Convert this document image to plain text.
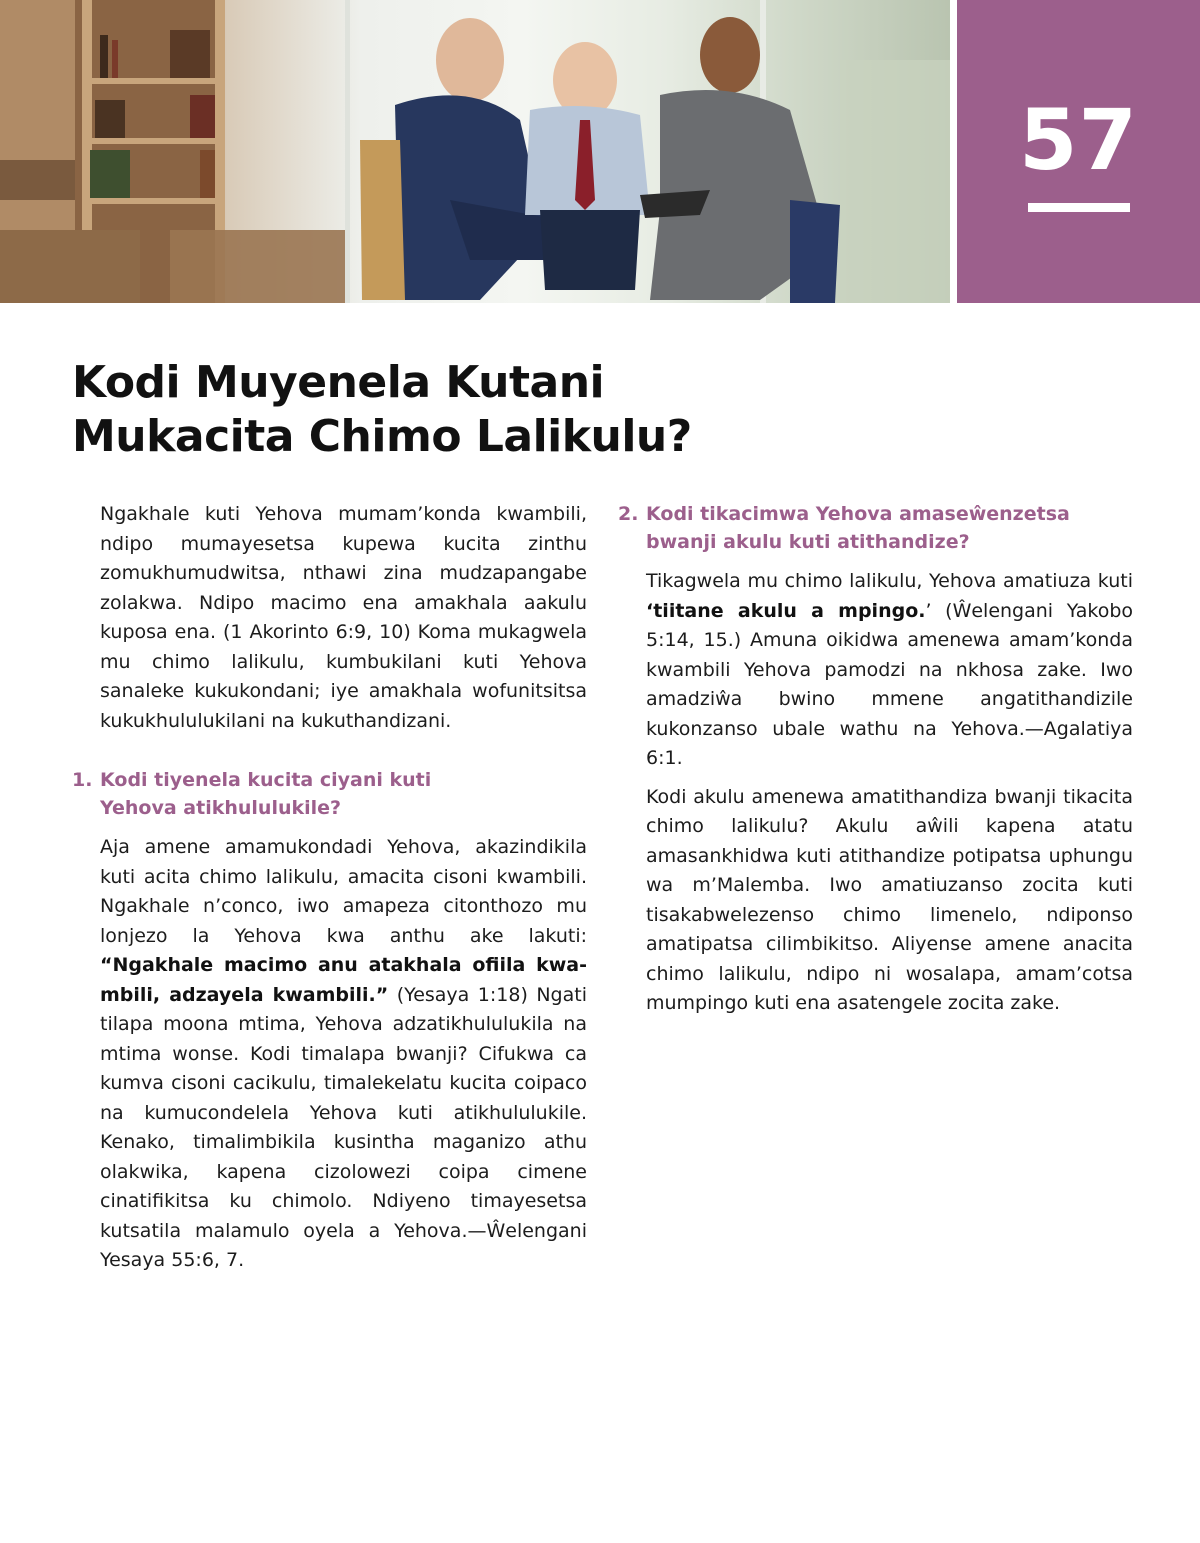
57
Kodi Muyenela Kutani
Mukacita Chimo Lalikulu?

Ngakhale kuti Yehova mumam’konda kwambili, ndipo mumayesetsa kupewa kucita zinthu zomukhumudwitsa, nthawi zina mudzapangabe zolakwa. Ndipo macimo ena amakhala aakulu kuposa ena. (1 Akorinto 6:9, 10) Koma mukagwela mu chimo lalikulu, kumbukilani kuti Yehova sanaleke kukukondani; iye amakhala wofunitsitsa kukukhululukilani na kukuthandizani.

1. Kodi tiyenela kucita ciyani kuti
Yehova atikhululukile?

Aja amene amamukondadi Yehova, akazindikila kuti acita chimo lalikulu, amacita cisoni kwambili. Ngakhale n’conco, iwo amapeza citonthozo mu lonjezo la Yehova kwa anthu ake lakuti: “Ngakhale macimo anu atakhala ofiila kwambili, adzayela kwambili.” (Yesaya 1:18) Ngati tilapa moona mtima, Yehova adzatikhululukila na mtima wonse. Kodi timalapa bwanji? Cifukwa ca kumva cisoni cacikulu, timalekelatu kucita coipaco na kumucondelela Yehova kuti atikhululukile. Kenako, timalimbikila kusintha maganizo athu olakwika, kapena cizolowezi coipa cimene cinatifikitsa ku chimolo. Ndiyeno timayesetsa kutsatila malamulo oyela a Yehova.—Ŵelengani Yesaya 55:6, 7.

2. Kodi tikacimwa Yehova amaseŵenzetsa
bwanji akulu kuti atithandize?

Tikagwela mu chimo lalikulu, Yehova amatiuza kuti ‘tiitane akulu a mpingo.’ (Ŵelengani Yakobo 5:14, 15.) Amuna oikidwa amenewa amam’konda kwambili Yehova pamodzi na nkhosa zake. Iwo amadziŵa bwino mmene angatithandizile kukonzanso ubale wathu na Yehova.—Agalatiya 6:1.

Kodi akulu amenewa amatithandiza bwanji tikacita chimo lalikulu? Akulu aŵili kapena atatu amasankhidwa kuti atithandize potipatsa uphungu wa m’Malemba. Iwo amatiuzanso zocita kuti tisakabwelezenso chimo limenelo, ndiponso amatipatsa cilimbikitso. Aliyense amene anacita chimo lalikulu, ndipo ni wosalapa, amam’cotsa mumpingo kuti ena asatengele zocita zake.
